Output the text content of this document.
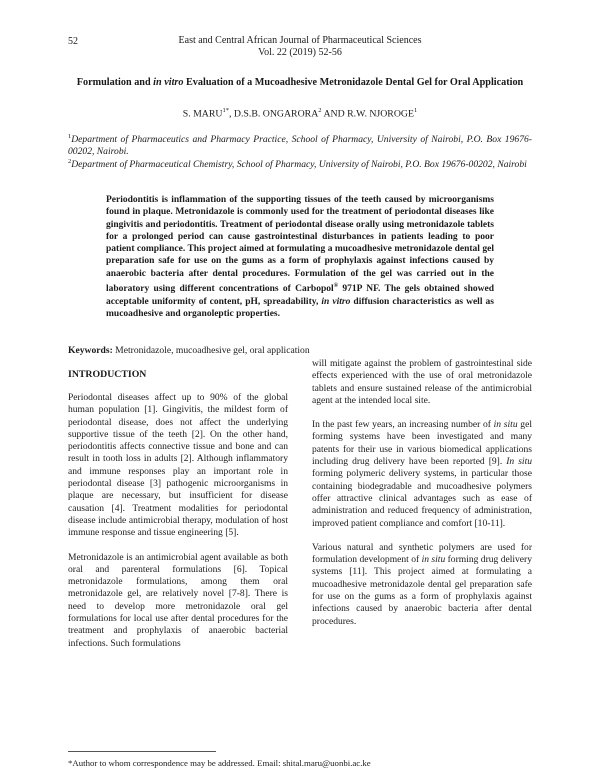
52	East and Central African Journal of Pharmaceutical Sciences
Vol. 22 (2019) 52-56
Formulation and in vitro Evaluation of a Mucoadhesive Metronidazole Dental Gel for Oral Application
S. $MARU^{1*}$, D.S.B. ONGARORA$^2$ AND R.W. NJOROGE$^1$
$^1$Department of Pharmaceutics and Pharmacy Practice, School of Pharmacy, University of Nairobi, P.O. Box 19676-00202, Nairobi.
$^2$Department of Pharmaceutical Chemistry, School of Pharmacy, University of Nairobi, P.O. Box 19676-00202, Nairobi
Periodontitis is inflammation of the supporting tissues of the teeth caused by microorganisms found in plaque. Metronidazole is commonly used for the treatment of periodontal diseases like gingivitis and periodontitis. Treatment of periodontal disease orally using metronidazole tablets for a prolonged period can cause gastrointestinal disturbances in patients leading to poor patient compliance. This project aimed at formulating a mucoadhesive metronidazole dental gel preparation safe for use on the gums as a form of prophylaxis against infections caused by anaerobic bacteria after dental procedures. Formulation of the gel was carried out in the laboratory using different concentrations of Carbopol® 971P NF. The gels obtained showed acceptable uniformity of content, pH, spreadability, in vitro diffusion characteristics as well as mucoadhesive and organoleptic properties.
Keywords: Metronidazole, mucoadhesive gel, oral application
INTRODUCTION

Periodontal diseases affect up to 90% of the global human population [1]. Gingivitis, the mildest form of periodontal disease, does not affect the underlying supportive tissue of the teeth [2]. On the other hand, periodontitis affects connective tissue and bone and can result in tooth loss in adults [2]. Although inflammatory and immune responses play an important role in periodontal disease [3] pathogenic microorganisms in plaque are necessary, but insufficient for disease causation [4]. Treatment modalities for periodontal disease include antimicrobial therapy, modulation of host immune response and tissue engineering [5].

Metronidazole is an antimicrobial agent available as both oral and parenteral formulations [6]. Topical metronidazole formulations, among them oral metronidazole gel, are relatively novel [7-8]. There is need to develop more metronidazole oral gel formulations for local use after dental procedures for the treatment and prophylaxis of anaerobic bacterial infections. Such formulations

will mitigate against the problem of gastrointestinal side effects experienced with the use of oral metronidazole tablets and ensure sustained release of the antimicrobial agent at the intended local site.

In the past few years, an increasing number of in situ gel forming systems have been investigated and many patents for their use in various biomedical applications including drug delivery have been reported [9]. In situ forming polymeric delivery systems, in particular those containing biodegradable and mucoadhesive polymers offer attractive clinical advantages such as ease of administration and reduced frequency of administration, improved patient compliance and comfort [10-11].

Various natural and synthetic polymers are used for formulation development of in situ forming drug delivery systems [11]. This project aimed at formulating a mucoadhesive metronidazole dental gel preparation safe for use on the gums as a form of prophylaxis against infections caused by anaerobic bacteria after dental procedures.

*Author to whom correspondence may be addressed. Email: shital.maru@uonbi.ac.ke
